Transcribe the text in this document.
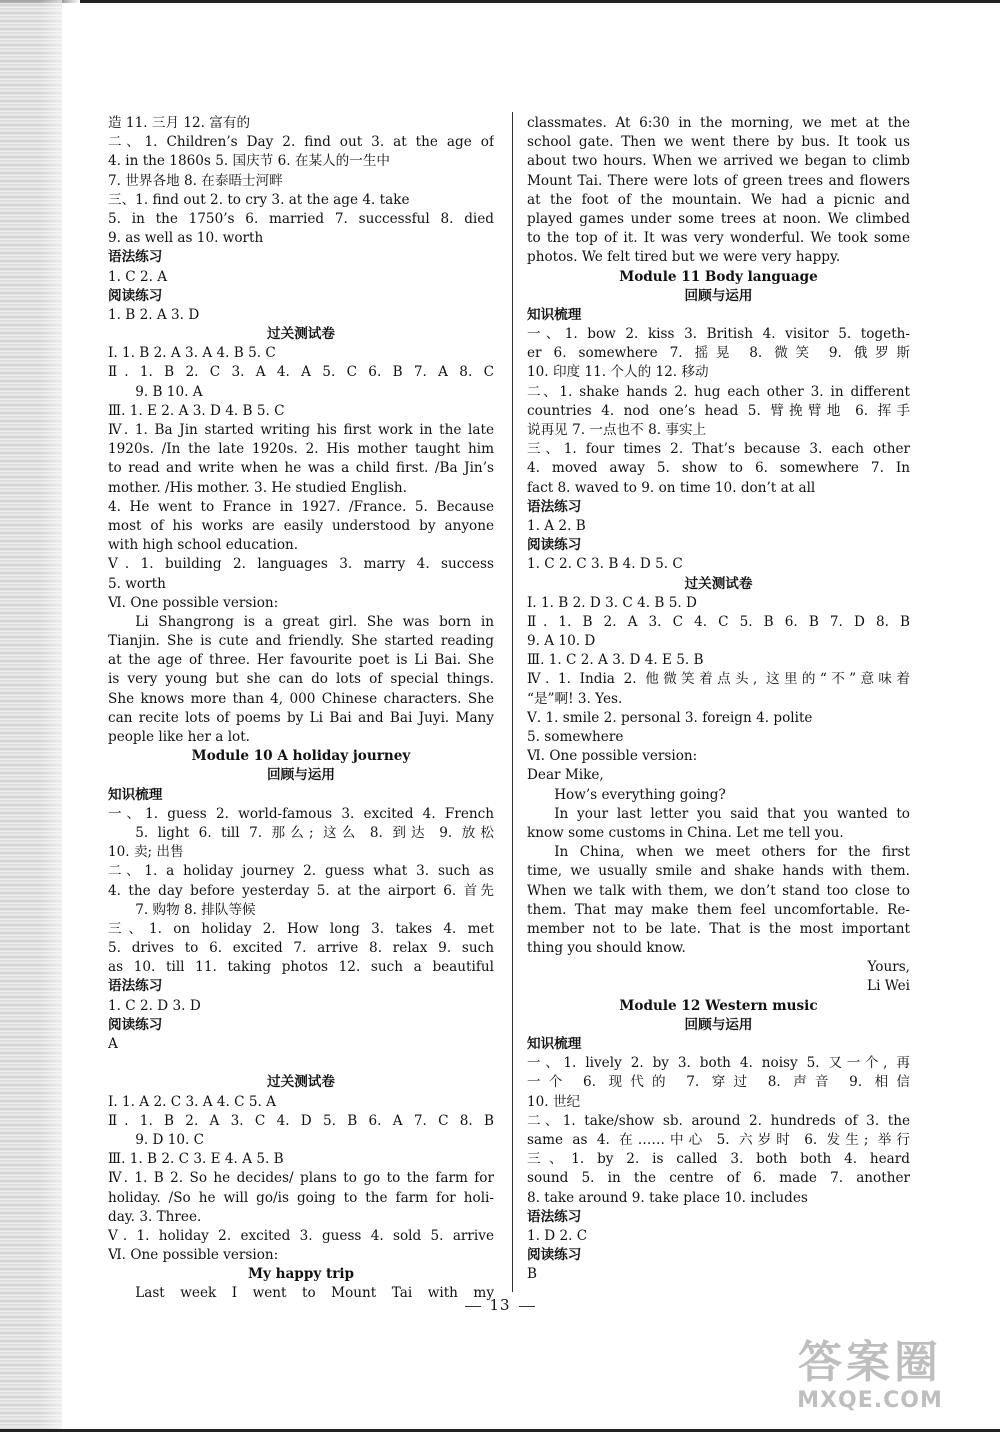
造 11. 三月 12. 富有的
二、1. Children’s Day 2. find out 3. at the age of
4. in the 1860s 5. 国庆节 6. 在某人的一生中
7. 世界各地 8. 在泰晤士河畔
三、1. find out 2. to cry 3. at the age 4. take
5. in the 1750’s 6. married 7. successful 8. died
9. as well as 10. worth
语法练习
1. C 2. A
阅读练习
1. B 2. A 3. D
过关测试卷
Ⅰ. 1. B 2. A 3. A 4. B 5. C
Ⅱ. 1. B 2. C 3. A 4. A 5. C 6. B 7. A 8. C
9. B 10. A
Ⅲ. 1. E 2. A 3. D 4. B 5. C
Ⅳ. 1. Ba Jin started writing his first work in the late
1920s. /In the late 1920s. 2. His mother taught him
to read and write when he was a child first. /Ba Jin’s
mother. /His mother. 3. He studied English.
4. He went to France in 1927. /France. 5. Because
most of his works are easily understood by anyone
with high school education.
Ⅴ. 1. building 2. languages 3. marry 4. success
5. worth
Ⅵ. One possible version:
Li Shangrong is a great girl. She was born in
Tianjin. She is cute and friendly. She started reading
at the age of three. Her favourite poet is Li Bai. She
is very young but she can do lots of special things.
She knows more than 4, 000 Chinese characters. She
can recite lots of poems by Li Bai and Bai Juyi. Many
people like her a lot.
Module 10 A holiday journey
回顾与运用
知识梳理
一、1. guess 2. world-famous 3. excited 4. French
5. light 6. till 7. 那么; 这么 8. 到达 9. 放松
10. 卖; 出售
二、1. a holiday journey 2. guess what 3. such as
4. the day before yesterday 5. at the airport 6. 首先
7. 购物 8. 排队等候
三、1. on holiday 2. How long 3. takes 4. met
5. drives to 6. excited 7. arrive 8. relax 9. such
as 10. till 11. taking photos 12. such a beautiful
语法练习
1. C 2. D 3. D
阅读练习
A
过关测试卷
Ⅰ. 1. A 2. C 3. A 4. C 5. A
Ⅱ. 1. B 2. A 3. C 4. D 5. B 6. A 7. C 8. B
9. D 10. C
Ⅲ. 1. B 2. C 3. E 4. A 5. B
Ⅳ. 1. B 2. So he decides/ plans to go to the farm for
holiday. /So he will go/is going to the farm for holi-
day. 3. Three.
Ⅴ. 1. holiday 2. excited 3. guess 4. sold 5. arrive
Ⅵ. One possible version:
My happy trip
Last week I went to Mount Tai with my
classmates. At 6:30 in the morning, we met at the
school gate. Then we went there by bus. It took us
about two hours. When we arrived we began to climb
Mount Tai. There were lots of green trees and flowers
at the foot of the mountain. We had a picnic and
played games under some trees at noon. We climbed
to the top of it. It was very wonderful. We took some
photos. We felt tired but we were very happy.
Module 11 Body language
回顾与运用
知识梳理
一、1. bow 2. kiss 3. British 4. visitor 5. togeth-
er 6. somewhere 7. 摇晃 8. 微笑 9. 俄罗斯
10. 印度 11. 个人的 12. 移动
二、1. shake hands 2. hug each other 3. in different
countries 4. nod one’s head 5. 臂挽臂地 6. 挥手
说再见 7. 一点也不 8. 事实上
三、1. four times 2. That’s because 3. each other
4. moved away 5. show to 6. somewhere 7. In
fact 8. waved to 9. on time 10. don’t at all
语法练习
1. A 2. B
阅读练习
1. C 2. C 3. B 4. D 5. C
过关测试卷
Ⅰ. 1. B 2. D 3. C 4. B 5. D
Ⅱ. 1. B 2. A 3. C 4. C 5. B 6. B 7. D 8. B
9. A 10. D
Ⅲ. 1. C 2. A 3. D 4. E 5. B
Ⅳ. 1. India 2. 他微笑着点头, 这里的“不”意味着
“是”啊! 3. Yes.
Ⅴ. 1. smile 2. personal 3. foreign 4. polite
5. somewhere
Ⅵ. One possible version:
Dear Mike,
How’s everything going?
In your last letter you said that you wanted to
know some customs in China. Let me tell you.
In China, when we meet others for the first
time, we usually smile and shake hands with them.
When we talk with them, we don’t stand too close to
them. That may make them feel uncomfortable. Re-
member not to be late. That is the most important
thing you should know.
Yours,
Li Wei
Module 12 Western music
回顾与运用
知识梳理
一、1. lively 2. by 3. both 4. noisy 5. 又一个, 再
一个 6. 现代的 7. 穿过 8. 声音 9. 相信
10. 世纪
二、1. take/show sb. around 2. hundreds of 3. the
same as 4. 在……中心 5. 六岁时 6. 发生; 举行
三、1. by 2. is called 3. both both 4. heard
sound 5. in the centre of 6. made 7. another
8. take around 9. take place 10. includes
语法练习
1. D 2. C
阅读练习
B
13
答案圈
MXQE.COM
